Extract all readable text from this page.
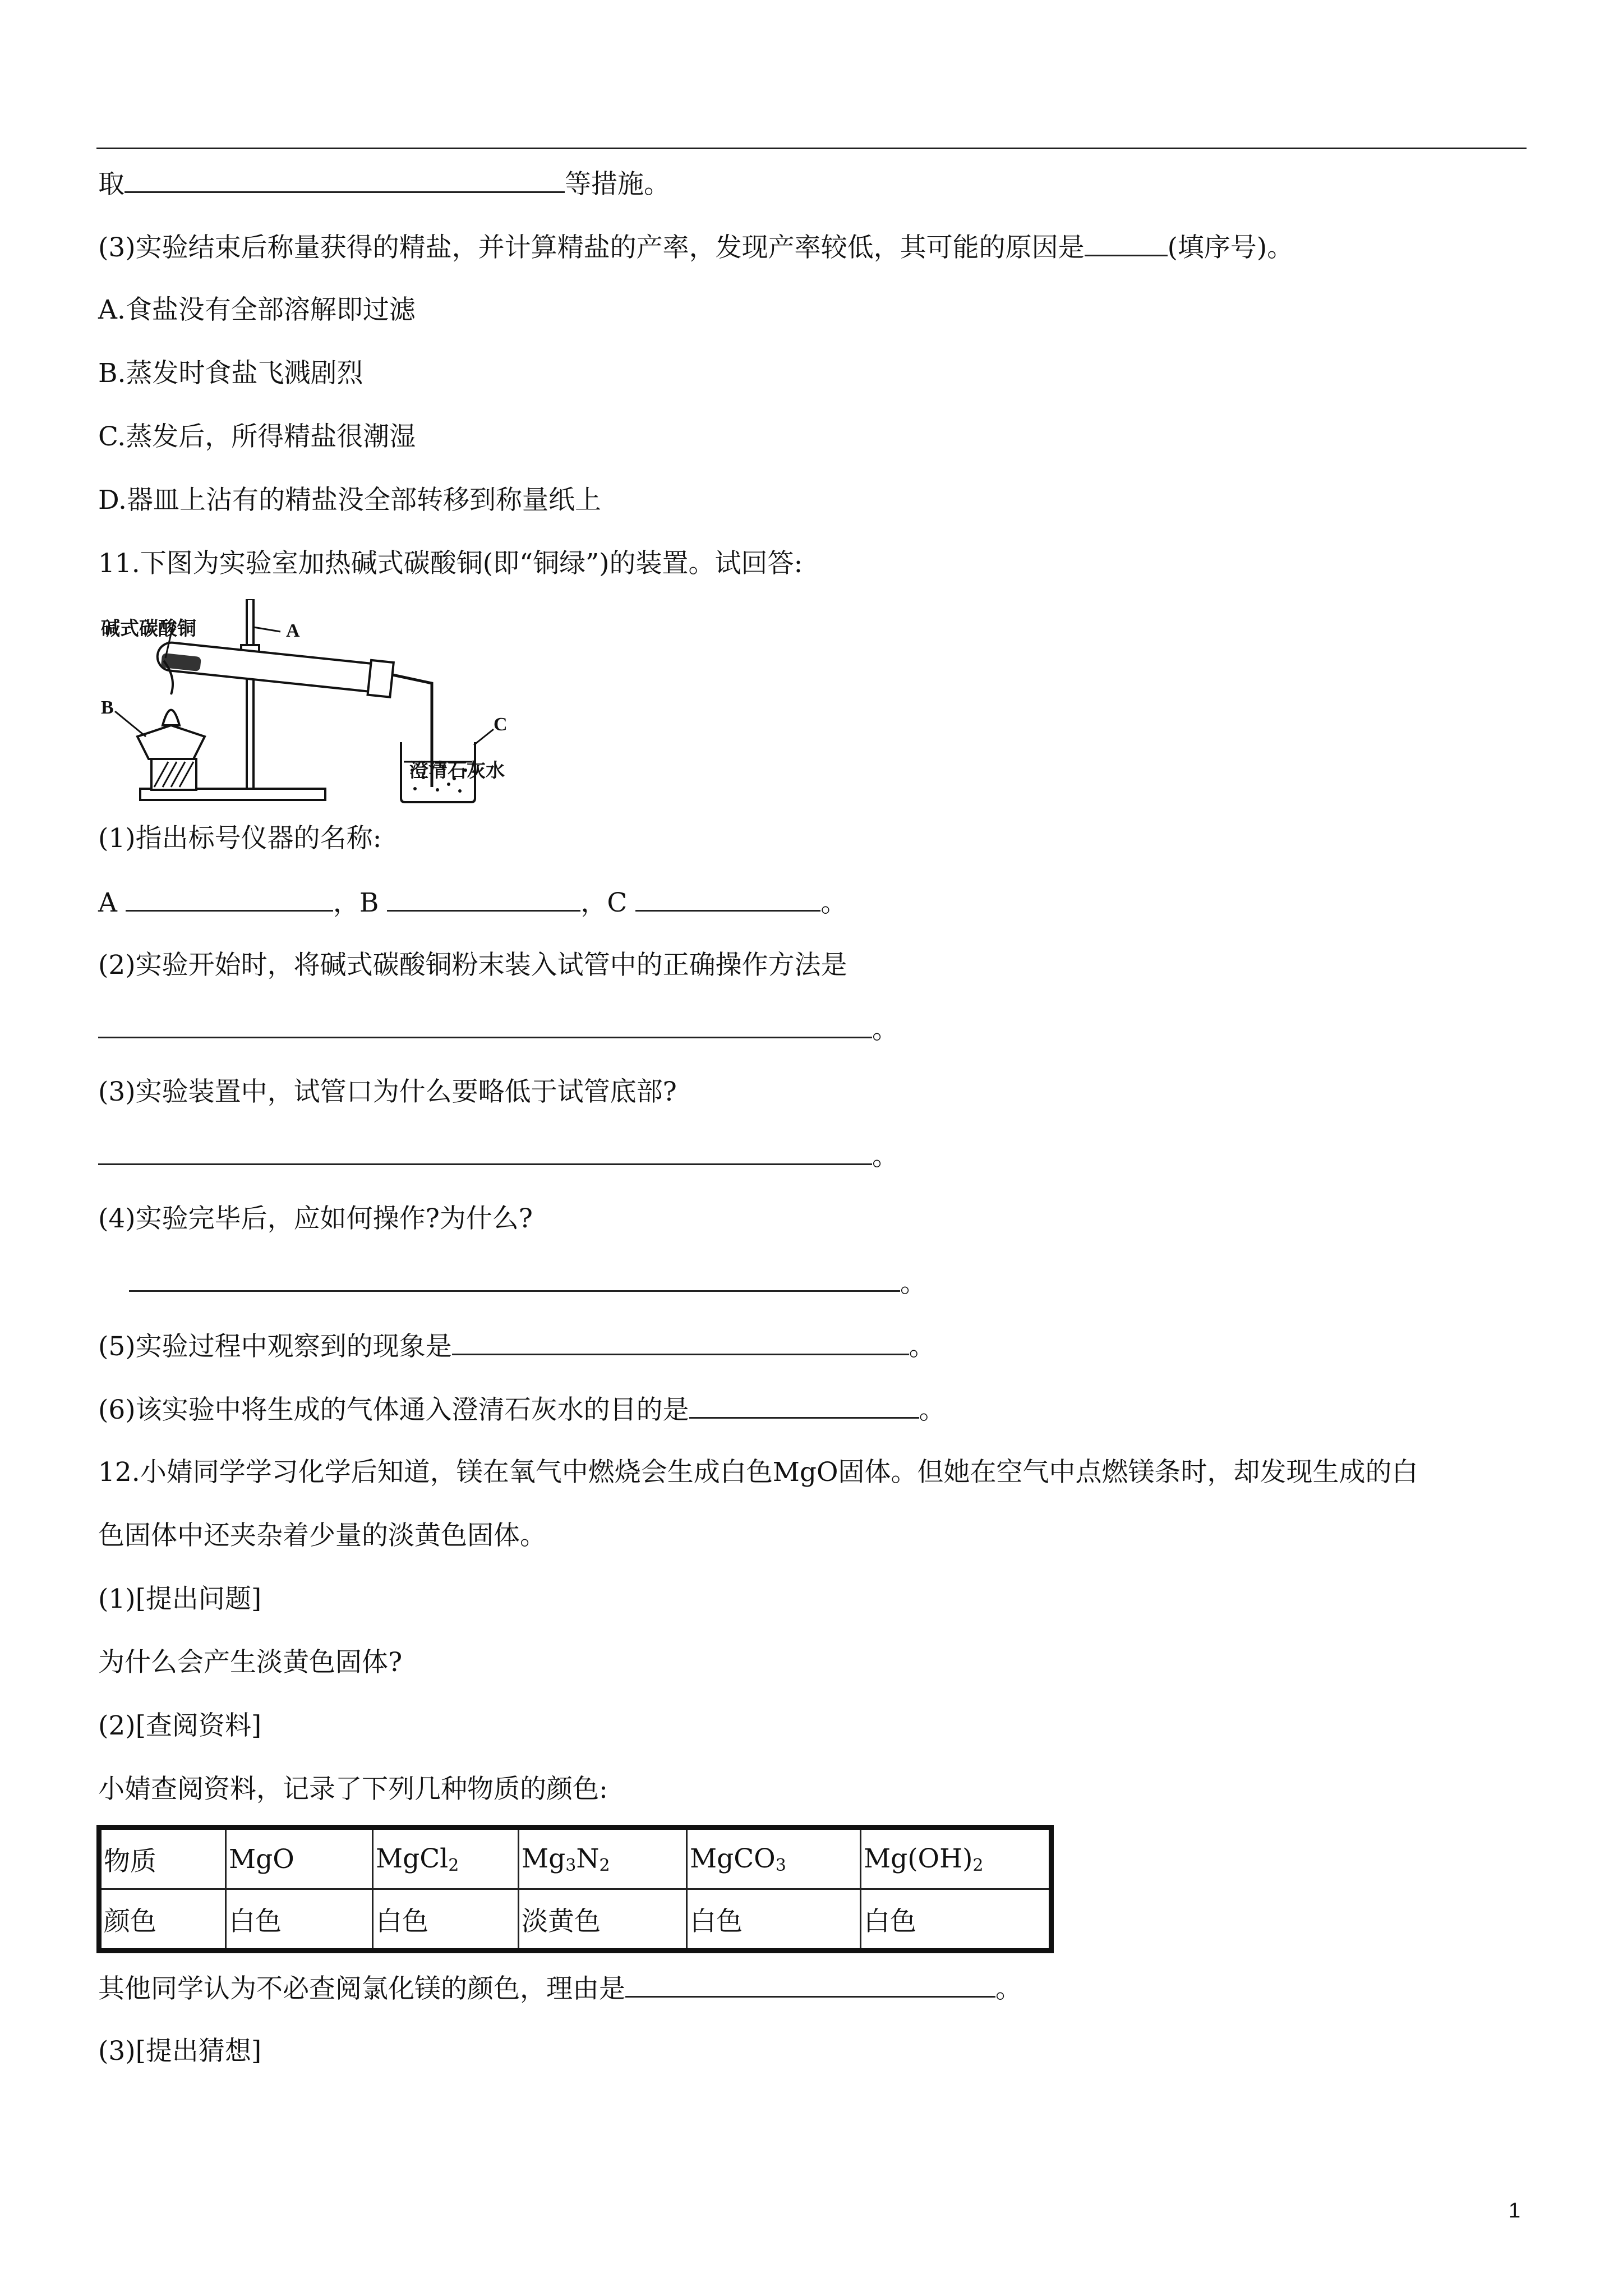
取	等措施。
(3)实验结束后称量获得的精盐，并计算精盐的产率，发现产率较低，其可能的原因是	(填序号)。
A.食盐没有全部溶解即过滤
B.蒸发时食盐飞溅剧烈
C.蒸发后，所得精盐很潮湿
D.器皿上沾有的精盐没全部转移到称量纸上
11.下图为实验室加热碱式碳酸铜(即“铜绿”)的装置。试回答:
碱式碳酸铜	A
B
C
澄清石灰水
(1)指出标号仪器的名称:
A	，B	，C	。
(2)实验开始时，将碱式碳酸铜粉末装入试管中的正确操作方法是
。
(3)实验装置中，试管口为什么要略低于试管底部?
。
(4)实验完毕后，应如何操作?为什么?
。
(5)实验过程中观察到的现象是	。
(6)该实验中将生成的气体通入澄清石灰水的目的是	。
12.小婧同学学习化学后知道，镁在氧气中燃烧会生成白色MgO固体。但她在空气中点燃镁条时，却发现生成的白
色固体中还夹杂着少量的淡黄色固体。
(1)[提出问题]
为什么会产生淡黄色固体?
(2)[查阅资料]
小婧查阅资料，记录了下列几种物质的颜色:
物质	MgO	MgCl$_2$	$Mg_3N_2$	MgCO$_3$	$Mg(OH)_2$
颜色	白色	白色	淡黄色	白色	白色
其他同学认为不必查阅氯化镁的颜色，理由是	。
(3)[提出猜想]
1
